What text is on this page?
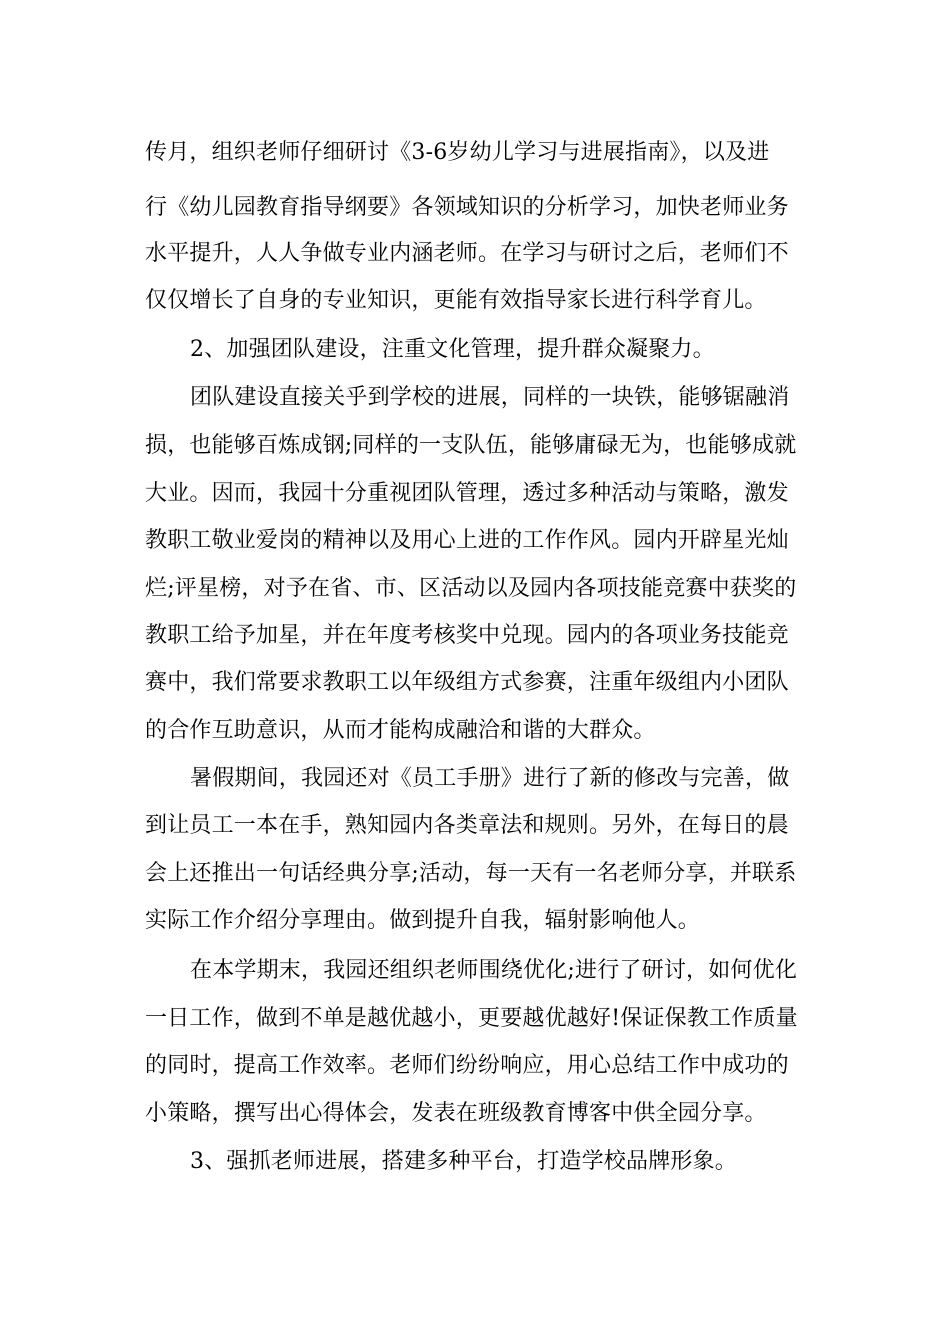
传月，组织老师仔细研讨《3-6岁幼儿学习与进展指南》，以及进
行《幼儿园教育指导纲要》各领域知识的分析学习，加快老师业务
水平提升，人人争做专业内涵老师。在学习与研讨之后，老师们不
仅仅增长了自身的专业知识，更能有效指导家长进行科学育儿。
2、加强团队建设，注重文化管理，提升群众凝聚力。
团队建设直接关乎到学校的进展，同样的一块铁，能够锯融消
损，也能够百炼成钢;同样的一支队伍，能够庸碌无为，也能够成就
大业。因而，我园十分重视团队管理，透过多种活动与策略，激发
教职工敬业爱岗的精神以及用心上进的工作作风。园内开辟星光灿
烂;评星榜，对予在省、市、区活动以及园内各项技能竞赛中获奖的
教职工给予加星，并在年度考核奖中兑现。园内的各项业务技能竞
赛中，我们常要求教职工以年级组方式参赛，注重年级组内小团队
的合作互助意识，从而才能构成融洽和谐的大群众。
暑假期间，我园还对《员工手册》进行了新的修改与完善，做
到让员工一本在手，熟知园内各类章法和规则。另外，在每日的晨
会上还推出一句话经典分享;活动，每一天有一名老师分享，并联系
实际工作介绍分享理由。做到提升自我，辐射影响他人。
在本学期末，我园还组织老师围绕优化;进行了研讨，如何优化
一日工作，做到不单是越优越小，更要越优越好!保证保教工作质量
的同时，提高工作效率。老师们纷纷响应，用心总结工作中成功的
小策略，撰写出心得体会，发表在班级教育博客中供全园分享。
3、强抓老师进展，搭建多种平台，打造学校品牌形象。
